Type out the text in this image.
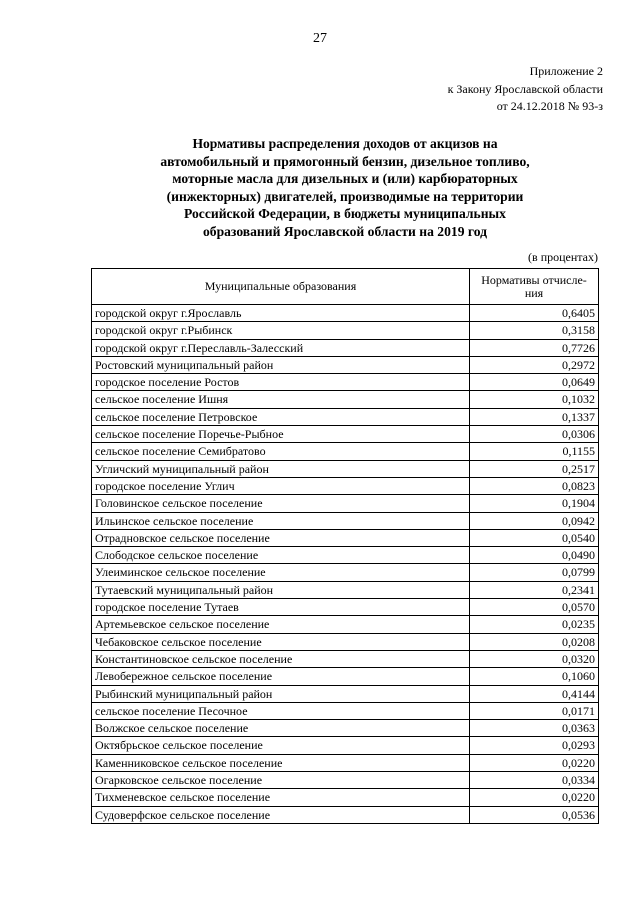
27
Приложение 2
к Закону Ярославской области
от 24.12.2018 № 93-з
Нормативы распределения доходов от акцизов на
автомобильный и прямогонный бензин, дизельное топливо,
моторные масла для дизельных и (или) карбюраторных
(инжекторных) двигателей, производимые на территории
Российской Федерации, в бюджеты муниципальных
образований Ярославской области на 2019 год
(в процентах)
Муниципальные образования	Нормативы отчисле-ния
городской округ г.Ярославль	0,6405
городской округ г.Рыбинск	0,3158
городской округ г.Переславль-Залесский	0,7726
Ростовский муниципальный район	0,2972
городское поселение Ростов	0,0649
сельское поселение Ишня	0,1032
сельское поселение Петровское	0,1337
сельское поселение Поречье-Рыбное	0,0306
сельское поселение Семибратово	0,1155
Угличский муниципальный район	0,2517
городское поселение Углич	0,0823
Головинское сельское поселение	0,1904
Ильинское сельское поселение	0,0942
Отрадновское сельское поселение	0,0540
Слободское сельское поселение	0,0490
Улеиминское сельское поселение	0,0799
Тутаевский муниципальный район	0,2341
городское поселение Тутаев	0,0570
Артемьевское сельское поселение	0,0235
Чебаковское сельское поселение	0,0208
Константиновское сельское поселение	0,0320
Левобережное сельское поселение	0,1060
Рыбинский муниципальный район	0,4144
сельское поселение Песочное	0,0171
Волжское сельское поселение	0,0363
Октябрьское сельское поселение	0,0293
Каменниковское сельское поселение	0,0220
Огарковское сельское поселение	0,0334
Тихменевское сельское поселение	0,0220
Судоверфское сельское поселение	0,0536
